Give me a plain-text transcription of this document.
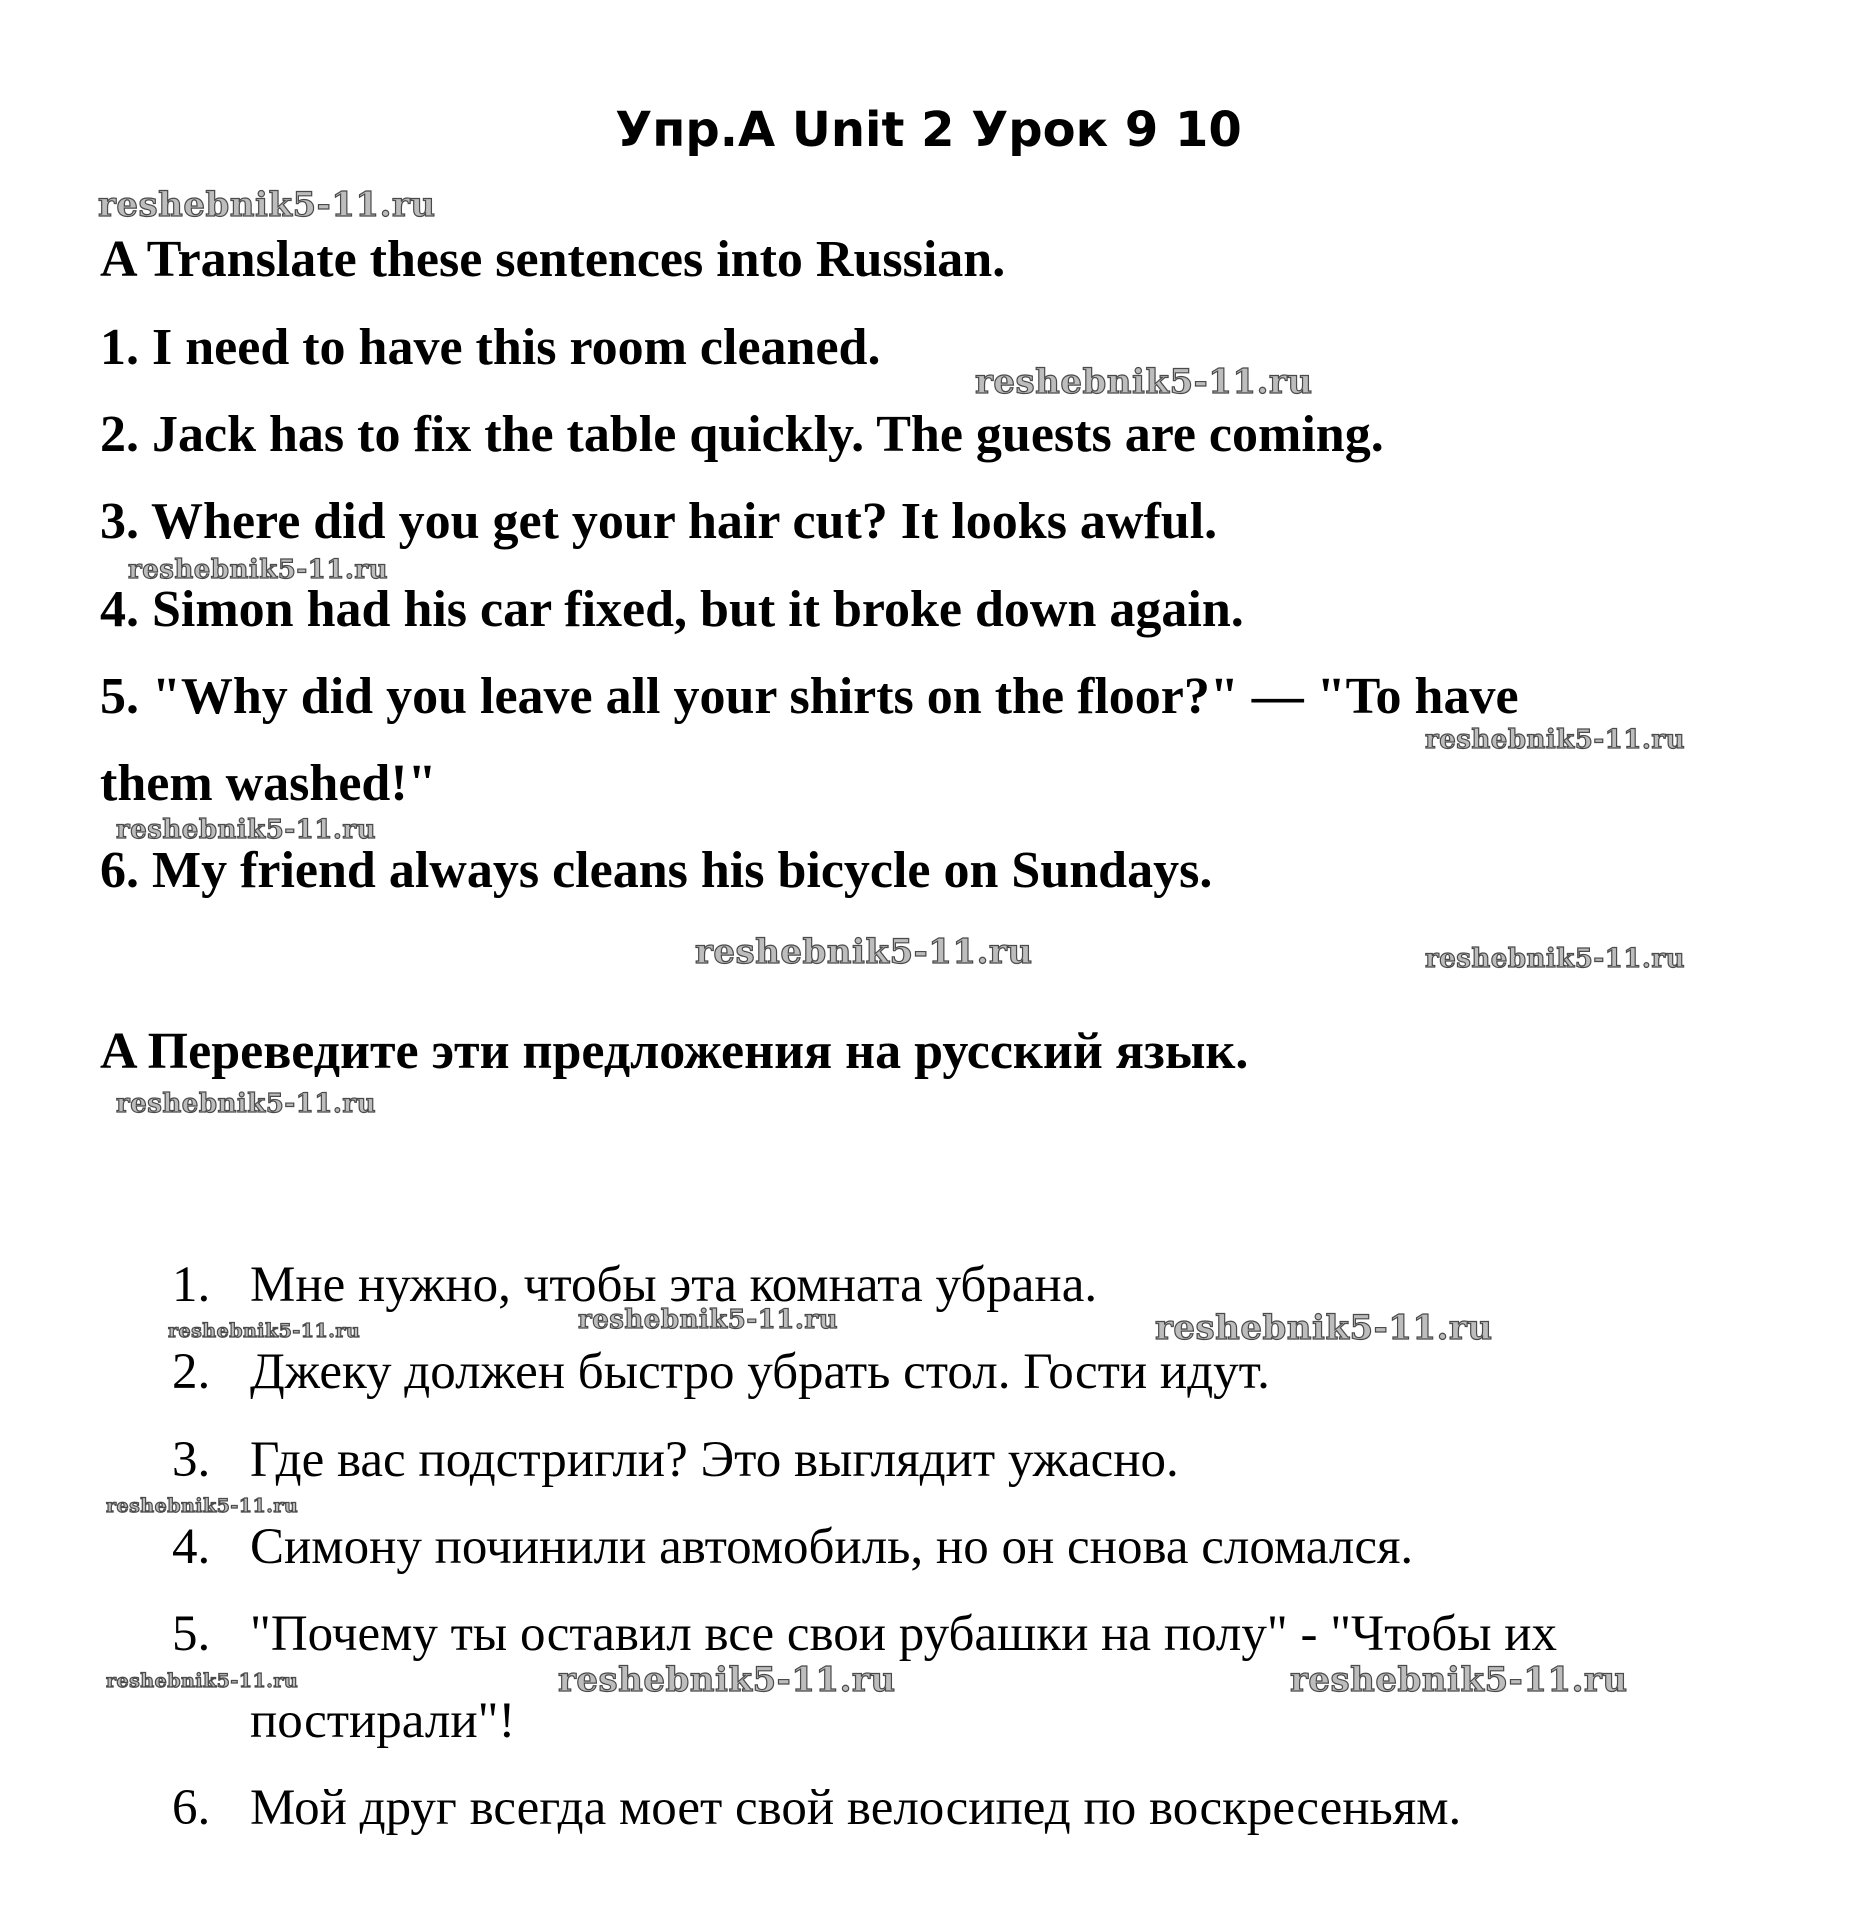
Упр.А Unit 2 Урок 9 10
A Translate these sentences into Russian.
1. I need to have this room cleaned.
2. Jack has to fix the table quickly. The guests are coming.
3. Where did you get your hair cut? It looks awful.
4. Simon had his car fixed, but it broke down again.
5. "Why did you leave all your shirts on the floor?" — "To have
them washed!"
6. My friend always cleans his bicycle on Sundays.
A Переведите эти предложения на русский язык.
1. Мне нужно, чтобы эта комната убрана.
2. Джеку должен быстро убрать стол. Гости идут.
3. Где вас подстригли? Это выглядит ужасно.
4. Симону починили автомобиль, но он снова сломался.
5. "Почему ты оставил все свои рубашки на полу" - "Чтобы их
постирали"!
6. Мой друг всегда моет свой велосипед по воскресеньям.
reshebnik5-11.ru
reshebnik5-11.ru
reshebnik5-11.ru
reshebnik5-11.ru
reshebnik5-11.ru
reshebnik5-11.ru	reshebnik5-11.ru
reshebnik5-11.ru
reshebnik5-11.ru
reshebnik5-11.ru	reshebnik5-11.ru
reshebnik5-11.ru
reshebnik5-11.ru	reshebnik5-11.ru	reshebnik5-11.ru
